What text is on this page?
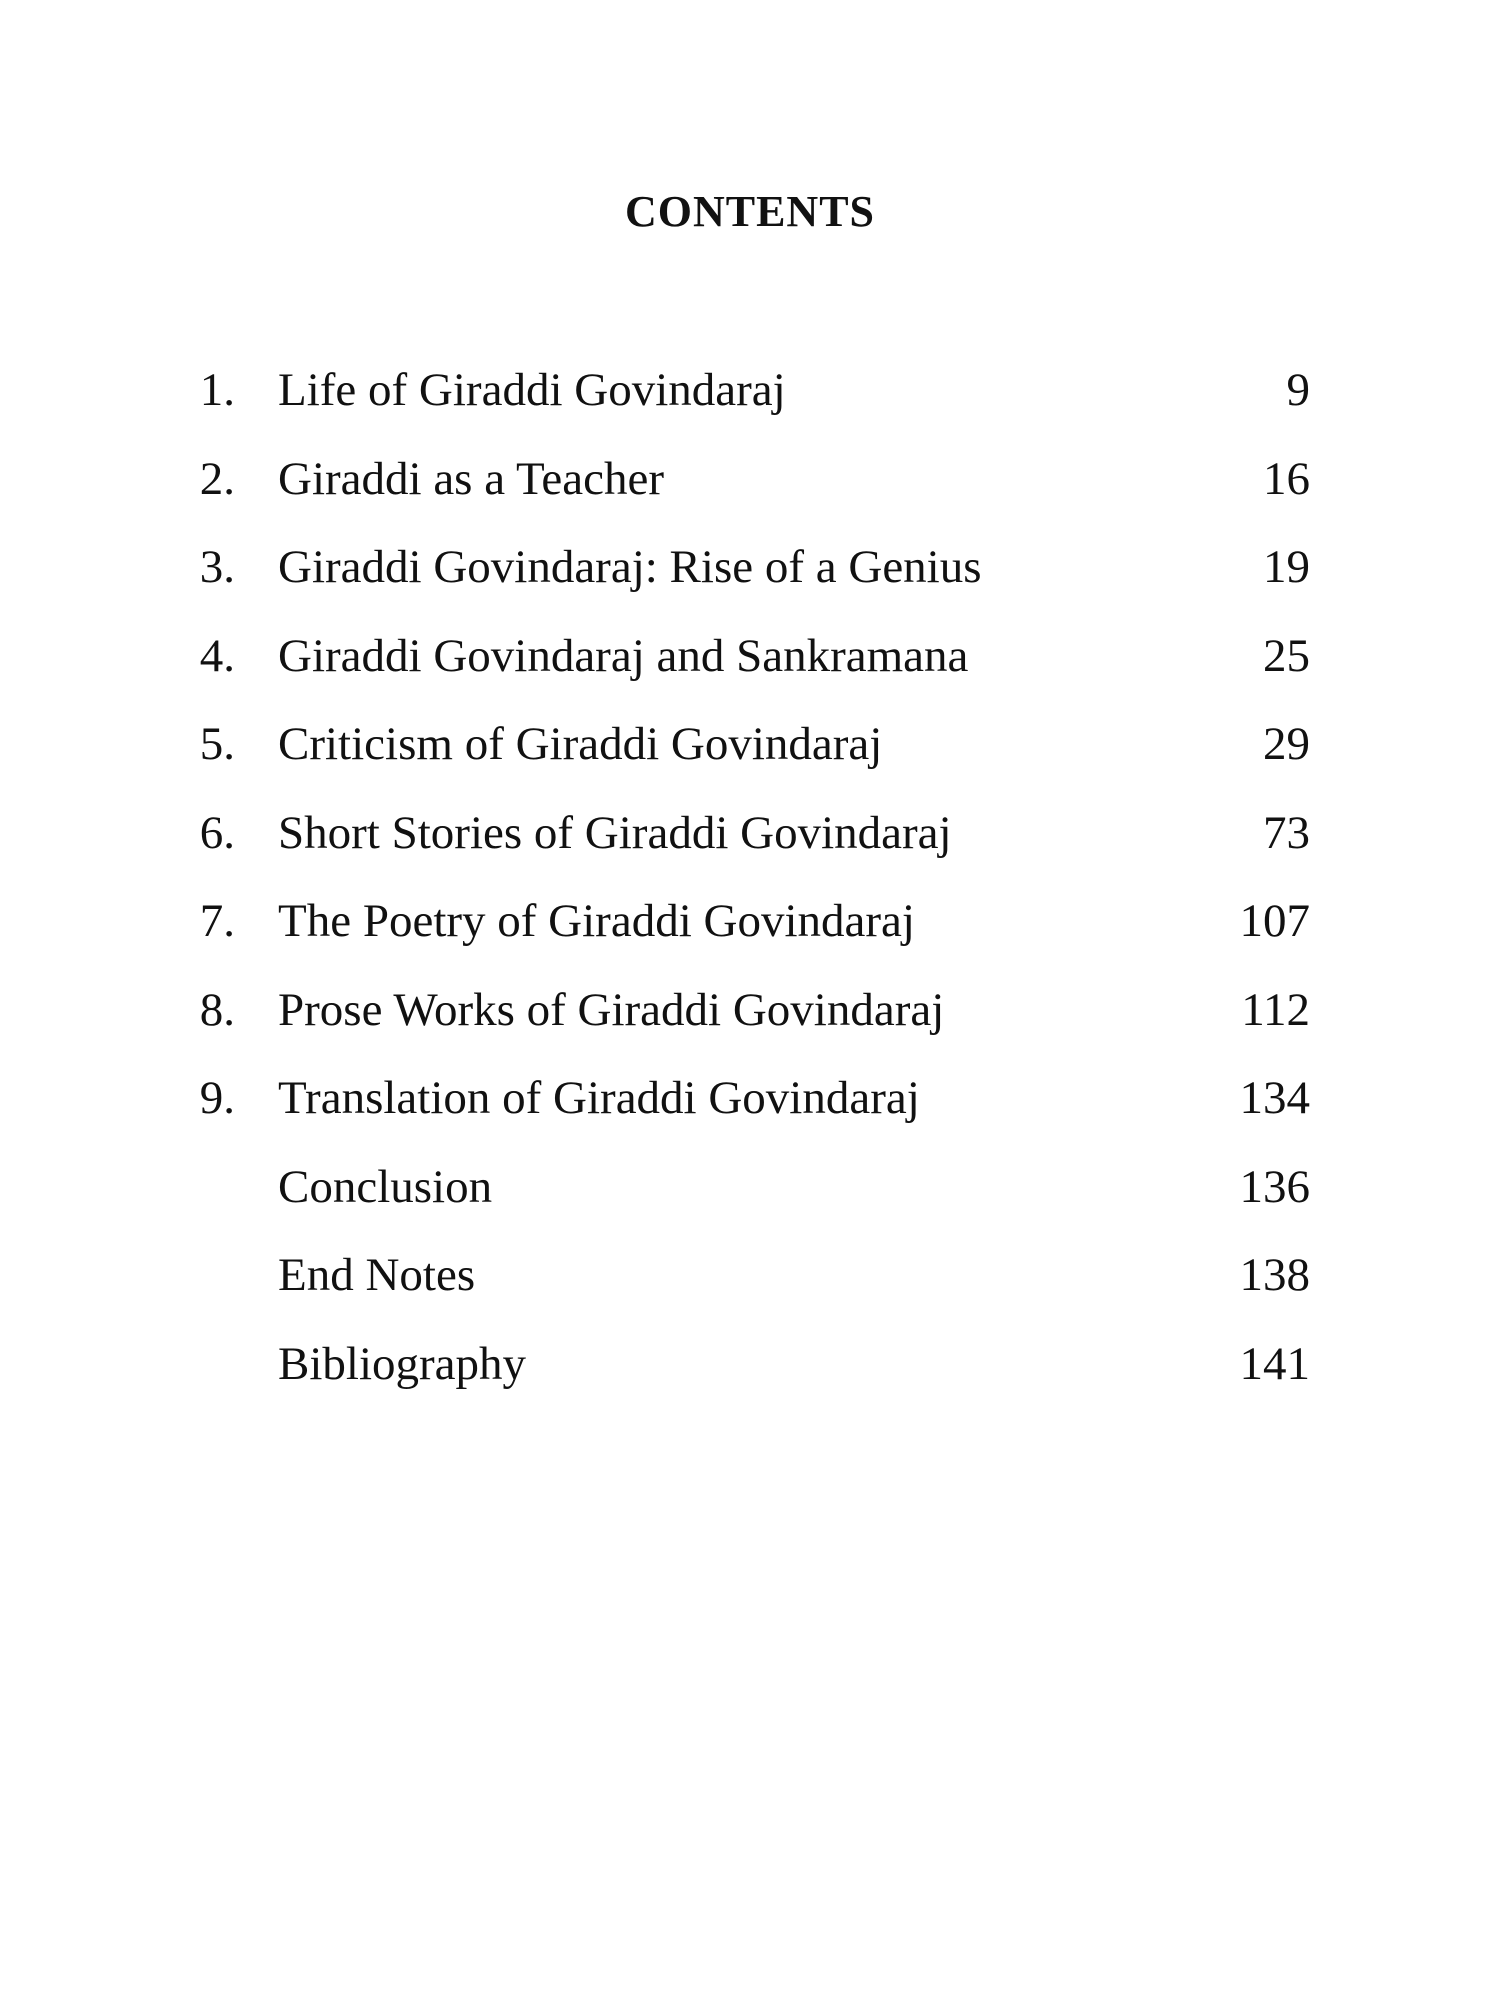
CONTENTS
1. Life of Giraddi Govindaraj	9
2. Giraddi as a Teacher	16
3. Giraddi Govindaraj: Rise of a Genius	19
4. Giraddi Govindaraj and Sankramana	25
5. Criticism of Giraddi Govindaraj	29
6. Short Stories of Giraddi Govindaraj	73
7. The Poetry of Giraddi Govindaraj	107
8. Prose Works of Giraddi Govindaraj	112
9. Translation of Giraddi Govindaraj	134
Conclusion	136
End Notes	138
Bibliography	141
